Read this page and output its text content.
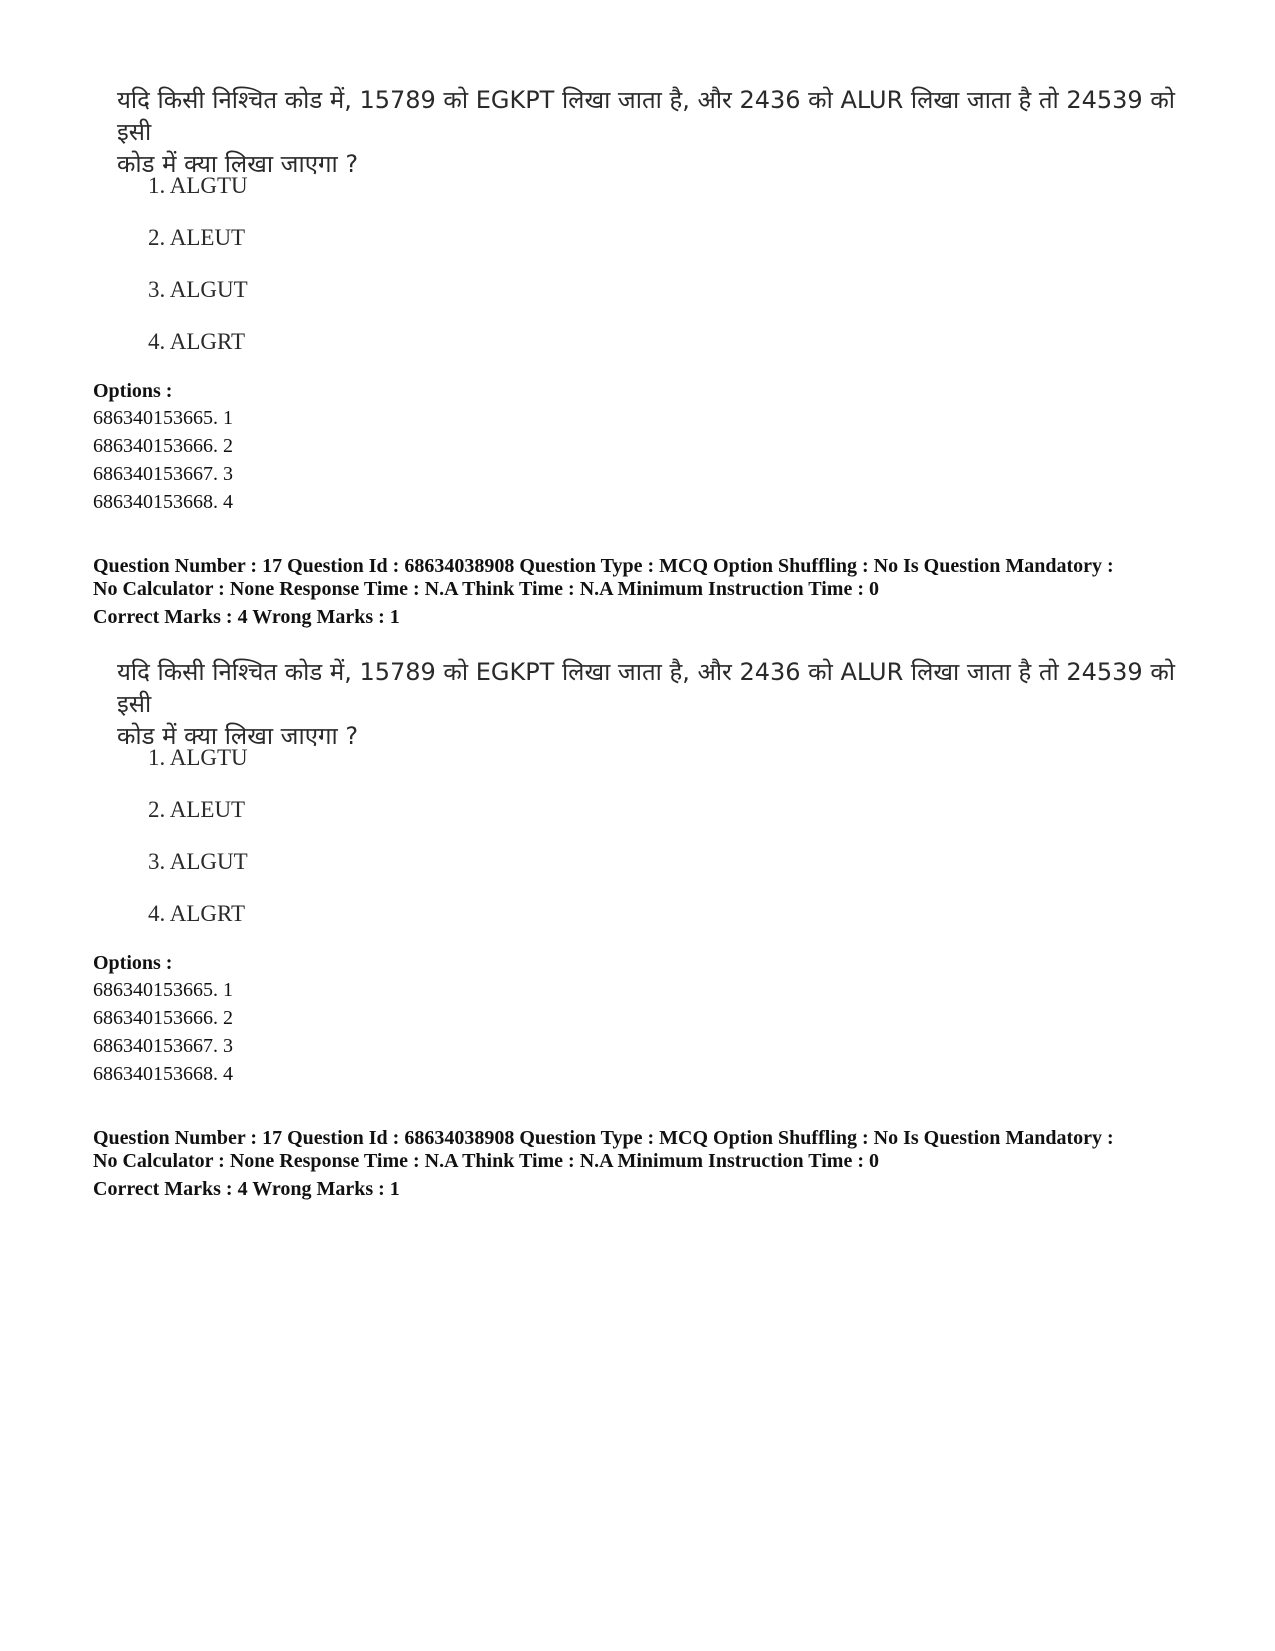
यदि किसी निश्चित कोड में, 15789 को EGKPT लिखा जाता है, और 2436 को ALUR लिखा जाता है तो 24539 को इसी
कोड में क्या लिखा जाएगा ?
1. ALGTU
2. ALEUT
3. ALGUT
4. ALGRT
Options :
686340153665. 1
686340153666. 2
686340153667. 3
686340153668. 4
Question Number : 17 Question Id : 68634038908 Question Type : MCQ Option Shuffling : No Is Question Mandatory :
No Calculator : None Response Time : N.A Think Time : N.A Minimum Instruction Time : 0
Correct Marks : 4 Wrong Marks : 1
यदि किसी निश्चित कोड में, 15789 को EGKPT लिखा जाता है, और 2436 को ALUR लिखा जाता है तो 24539 को इसी
कोड में क्या लिखा जाएगा ?
1. ALGTU
2. ALEUT
3. ALGUT
4. ALGRT
Options :
686340153665. 1
686340153666. 2
686340153667. 3
686340153668. 4
Question Number : 17 Question Id : 68634038908 Question Type : MCQ Option Shuffling : No Is Question Mandatory :
No Calculator : None Response Time : N.A Think Time : N.A Minimum Instruction Time : 0
Correct Marks : 4 Wrong Marks : 1
